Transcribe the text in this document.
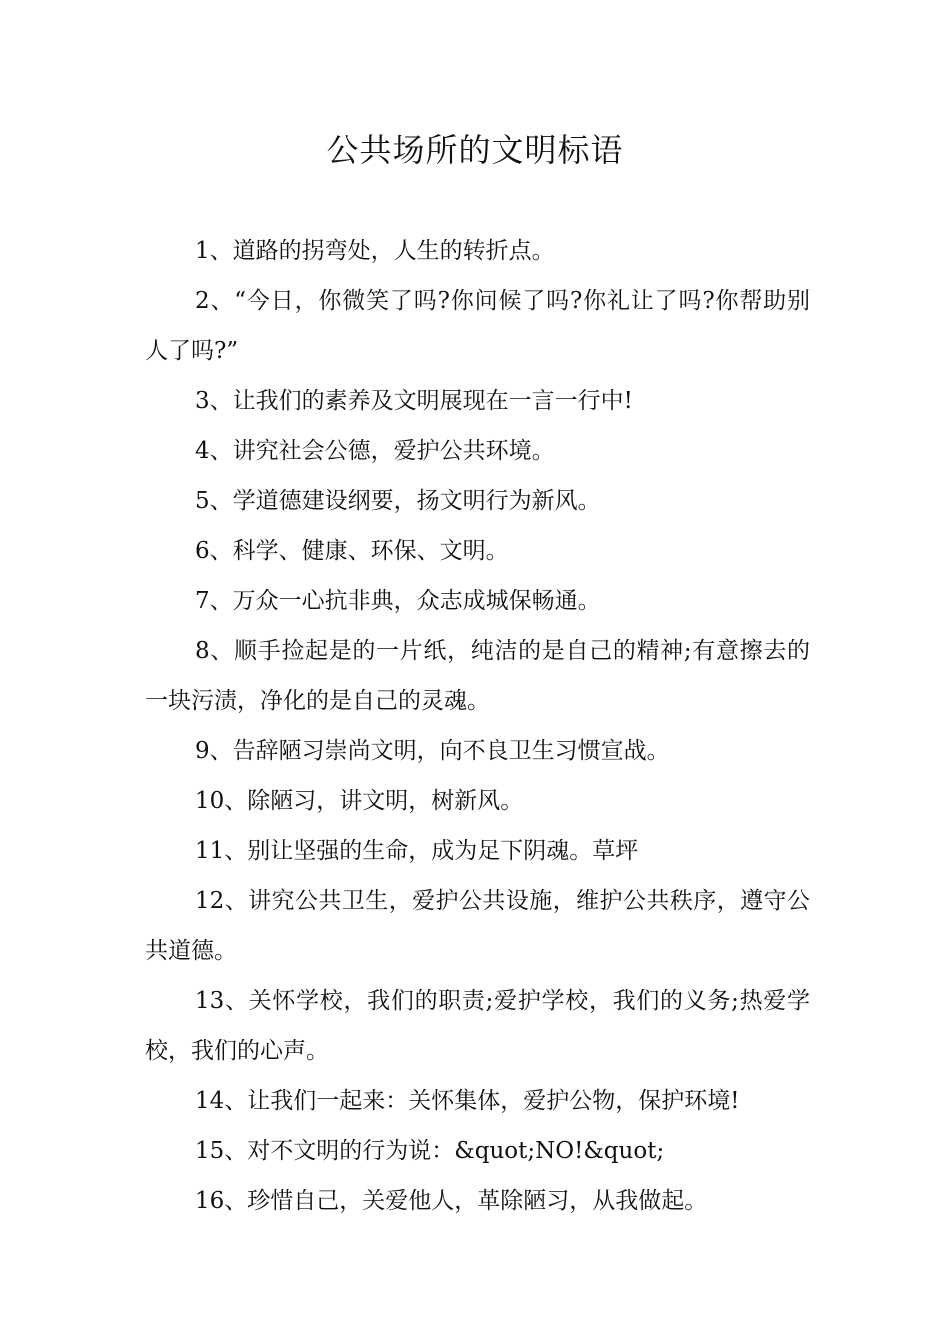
公共场所的文明标语

1、道路的拐弯处，人生的转折点。

2、“今日，你微笑了吗?你问候了吗?你礼让了吗?你帮助别人了吗?”

3、让我们的素养及文明展现在一言一行中!

4、讲究社会公德，爱护公共环境。

5、学道德建设纲要，扬文明行为新风。

6、科学、健康、环保、文明。

7、万众一心抗非典，众志成城保畅通。

8、顺手捡起是的一片纸，纯洁的是自己的精神;有意擦去的一块污渍，净化的是自己的灵魂。

9、告辞陋习崇尚文明，向不良卫生习惯宣战。

10、除陋习，讲文明，树新风。

11、别让坚强的生命，成为足下阴魂。草坪

12、讲究公共卫生，爱护公共设施，维护公共秩序，遵守公共道德。

13、关怀学校，我们的职责;爱护学校，我们的义务;热爱学校，我们的心声。

14、让我们一起来：关怀集体，爱护公物，保护环境!

15、对不文明的行为说：&quot;NO!&quot;

16、珍惜自己，关爱他人，革除陋习，从我做起。
